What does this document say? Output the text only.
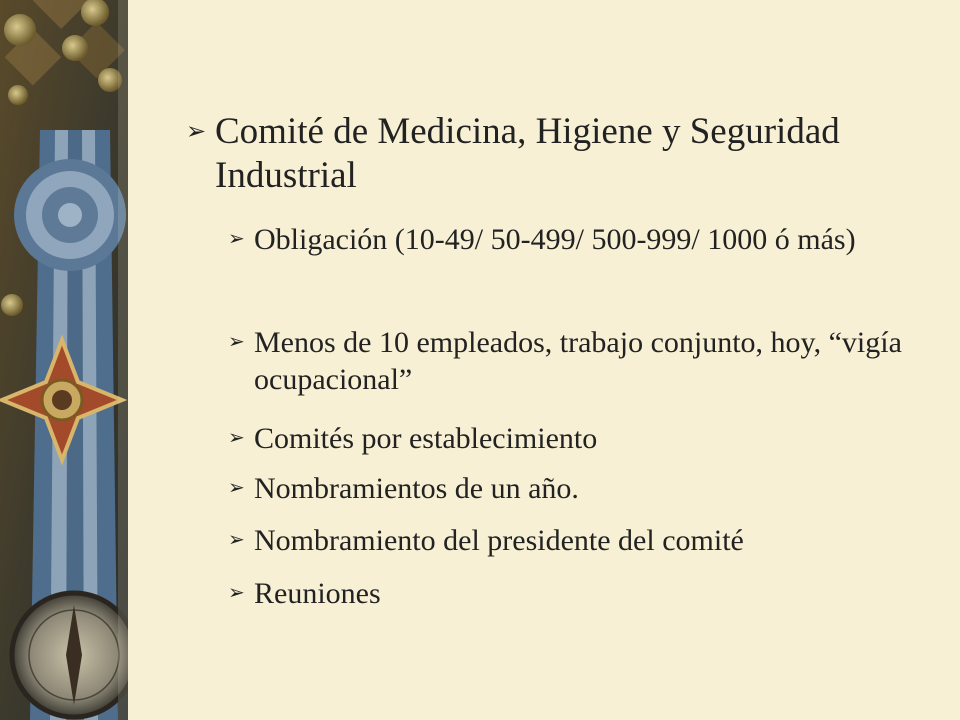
➢ Comité de Medicina, Higiene y Seguridad Industrial
➢ Obligación (10-49/ 50-499/ 500-999/ 1000 ó más)
➢ Menos de 10 empleados, trabajo conjunto, hoy, “vigía ocupacional”
➢ Comités por establecimiento
➢ Nombramientos de un año.
➢ Nombramiento del presidente del comité
➢ Reuniones
